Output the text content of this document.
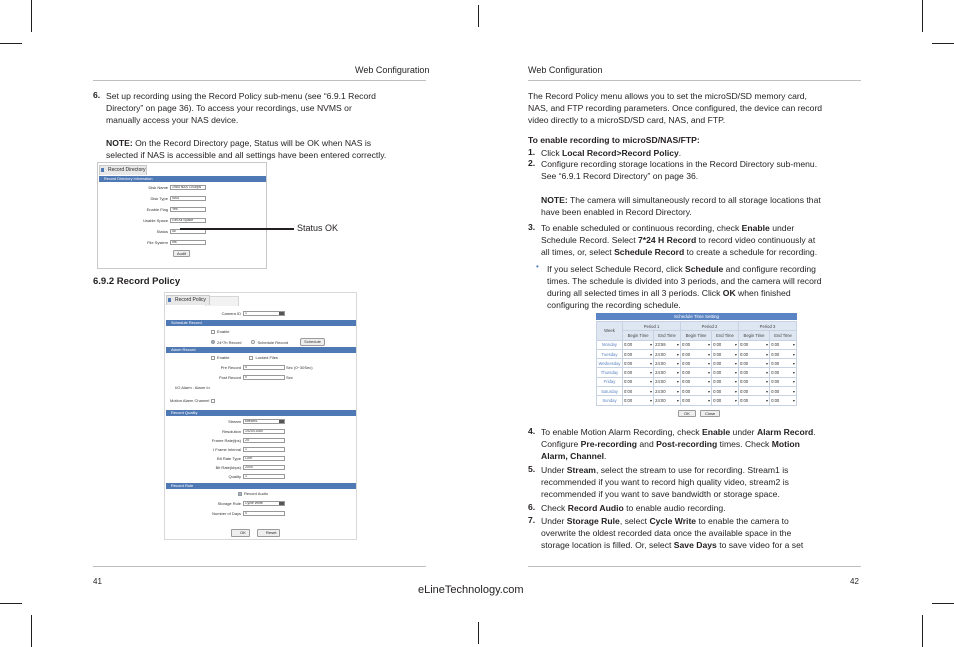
Web Configuration
6. Set up recording using the Record Policy sub-menu (see “6.9.1 Record
Directory” on page 36). To access your recordings, use NVMS or
manually access your NAS device.
NOTE: On the Record Directory page, Status will be OK when NAS is
selected if NAS is accessible and all settings have been entered correctly.
Record Directory
Record Directory Information
Disk Name	1984 NAS 10Gbps
Disk Type	NAS
Enable Flag	Yes
Usable Space	Get All Space
Status	ok
File System	nfs
Audit
Status OK
6.9.2 Record Policy
Record Policy
Camera ID	1
Schedule Record
Enable
24*7h Record	Schedule Record	Schedule
Alarm Record
Enable	Locked Files
Pre Record	0	Sec (0~30Sec)
Post Record	0	Sec
I/O Alarm : Alarm In
Motion Alarm Channel
Record Quality
Stream	stream1
Resolution	1920X1080
Frame Rate(fps)	25
I Frame Interval	1
Bit Rate Type	CBR
Bit Rate(kbps)	2000
Quality	1
Record Rule
Record Audio
Storage Rule	Cycle Write
Number of Days	0
OK	Reset
41
Web Configuration
The Record Policy menu allows you to set the microSD/SD memory card,
NAS, and FTP recording parameters. Once configured, the device can record
video directly to a microSD/SD card, NAS, and FTP.
To enable recording to microSD/NAS/FTP:
1. Click Local Record>Record Policy.
2. Configure recording storage locations in the Record Directory sub-menu.
See “6.9.1 Record Directory” on page 36.
NOTE: The camera will simultaneously record to all storage locations that
have been enabled in Record Directory.
3. To enable scheduled or continuous recording, check Enable under
Schedule Record. Select 7*24 H Record to record video continuously at
all times, or, select Schedule Record to create a schedule for recording.
• If you select Schedule Record, click Schedule and configure recording
times. The schedule is divided into 3 periods, and the camera will record
during all selected times in all 3 periods. Click OK when finished
configuring the recording schedule.
Schedule Time Setting
Week	Period 1		Period 2		Period 3	
	Begin Time	End Time	Begin Time	End Time	Begin Time	End Time
Monday	0:00 ▾	23:59 ▾	0:00 ▾	0:00 ▾	0:00 ▾	0:00 ▾

Tuesday	0:00 ▾	24:00 ▾	0:00 ▾	0:00 ▾	0:00 ▾	0:00 ▾

Wednesday	0:00 ▾	24:00 ▾	0:00 ▾	0:00 ▾	0:00 ▾	0:00 ▾

Thursday	0:00 ▾	24:00 ▾	0:00 ▾	0:00 ▾	0:00 ▾	0:00 ▾

Friday	0:00 ▾	24:00 ▾	0:00 ▾	0:00 ▾	0:00 ▾	0:00 ▾

Saturday	0:00 ▾	24:00 ▾	0:00 ▾	0:00 ▾	0:00 ▾	0:00 ▾

Sunday	0:00 ▾	24:00 ▾	0:00 ▾	0:00 ▾	0:00 ▾	0:00 ▾
OK	Close
4. To enable Motion Alarm Recording, check Enable under Alarm Record.
Configure Pre-recording and Post-recording times. Check Motion
Alarm, Channel.
5. Under Stream, select the stream to use for recording. Stream1 is
recommended if you want to record high quality video, stream2 is
recommended if you want to save bandwidth or storage space.
6. Check Record Audio to enable audio recording.
7. Under Storage Rule, select Cycle Write to enable the camera to
overwrite the oldest recorded data once the available space in the
storage location is filled. Or, select Save Days to save video for a set
42
eLineTechnology.com
